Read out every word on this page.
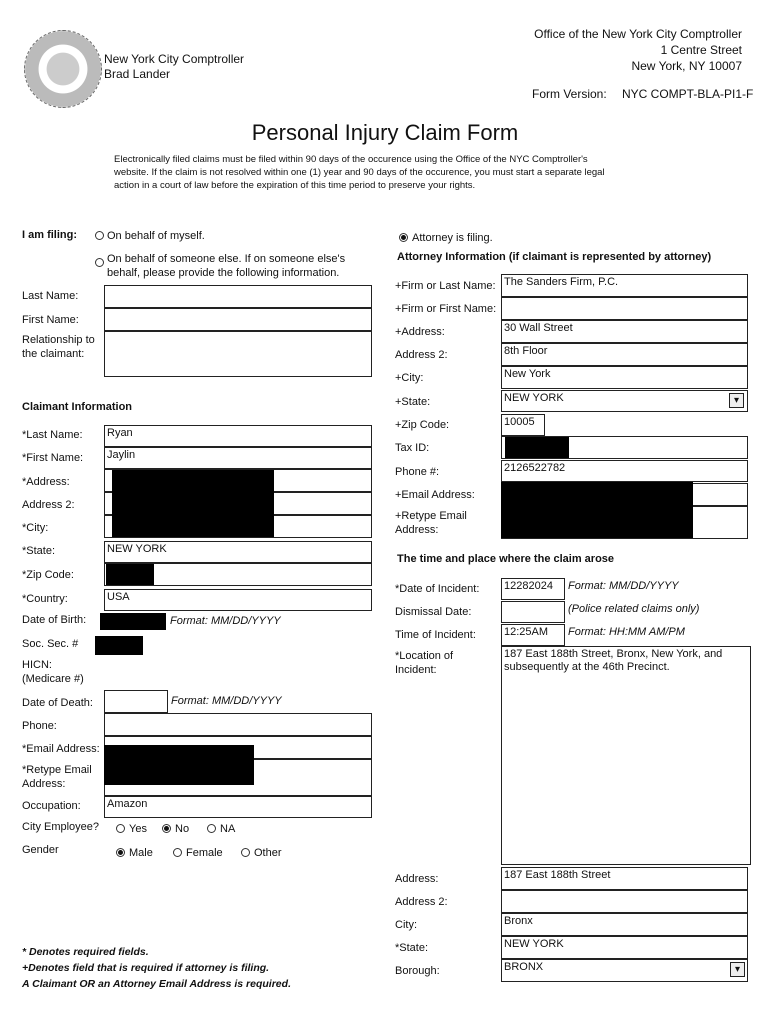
New York City Comptroller
Brad Lander
Office of the New York City Comptroller
1 Centre Street
New York, NY 10007
Form Version: NYC COMPT-BLA-PI1-F
Personal Injury Claim Form
Electronically filed claims must be filed within 90 days of the occurence using the Office of the NYC Comptroller's
website. If the claim is not resolved within one (1) year and 90 days of the occurence, you must start a separate legal
action in a court of law before the expiration of this time period to preserve your rights.
I am filing:	On behalf of myself.
On behalf of someone else. If on someone else's
behalf, please provide the following information.
Attorney is filing.
Last Name:
First Name:
Relationship to
the claimant:
Claimant Information
*Last Name: Ryan
*First Name: Jaylin
*Address:
Address 2:
*City:
*State:	NEW YORK
*Zip Code:
*Country:	USA
Date of Birth:	Format: MM/DD/YYYY
Soc. Sec. #
HICN:
(Medicare #)
Date of Death:	Format: MM/DD/YYYY
Phone:
*Email Address:
*Retype Email
Address:
Occupation: Amazon
City Employee?	Yes	No	NA
Gender	Male	Female	Other
Attorney Information (if claimant is represented by attorney)
+Firm or Last Name: The Sanders Firm, P.C.
+Firm or First Name:
+Address:	30 Wall Street
Address 2:	8th Floor
+City:	New York
+State:	NEW YORK	▾
+Zip Code:	10005
Tax ID:
Phone #:	2126522782
+Email Address:
+Retype Email
Address:
The time and place where the claim arose
*Date of Incident: 12282024	Format: MM/DD/YYYY
Dismissal Date:	(Police related claims only)
Time of Incident:	12:25AM	Format: HH:MM AM/PM
*Location of
Incident:
187 East 188th Street, Bronx, New York, and subsequently at the 46th Precinct.
Address:	187 East 188th Street
Address 2:
City:	Bronx
*State:	NEW YORK
Borough:	BRONX	▾
* Denotes required fields.
+Denotes field that is required if attorney is filing.
A Claimant OR an Attorney Email Address is required.
